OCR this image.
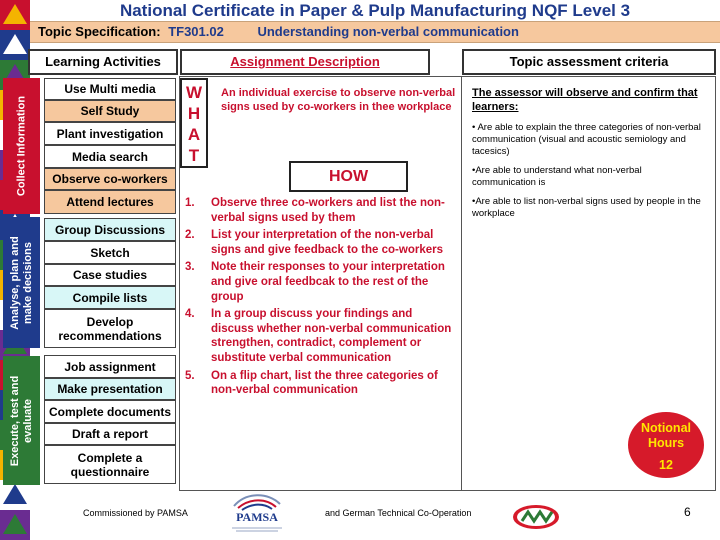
National Certificate in Paper & Pulp Manufacturing NQF Level 3
Topic Specification: TF301.02	Understanding non-verbal communication
Learning Activities	Assignment Description	Topic assessment criteria
Collect Information
Analyse, plan and make decisions
Execute, test and evaluate
Use Multi media
Self Study
Plant investigation
Media search
Observe co-workers
Attend lectures
Group Discussions
Sketch
Case studies
Compile lists
Develop recommendations
Job assignment
Make presentation
Complete documents
Draft a report
Complete a questionnaire
W
H
A
T
An individual exercise to observe non-verbal signs used by co-workers in thee workplace
HOW
1. Observe three co-workers and list the non-verbal signs used by them
2. List your interpretation of the non-verbal signs and give feedback to the co-workers
3. Note their responses to your interpretation and give oral feedbcak to the rest of the group
4. In a group discuss your findings and discuss whether non-verbal communication strengthen, contradict, complement or substitute verbal communication
5. On a flip chart, list the three categories of non-verbal communication
The assessor will observe and confirm that learners:
• Are able to explain the three categories of non-verbal communication (visual and acoustic semiology and tacesics)
•Are able to understand what non-verbal communication is
•Are able to list non-verbal signs used by people in the workplace
Notional
Hours
12
Commissioned by PAMSA	PAMSA	and German Technical Co-Operation	6
